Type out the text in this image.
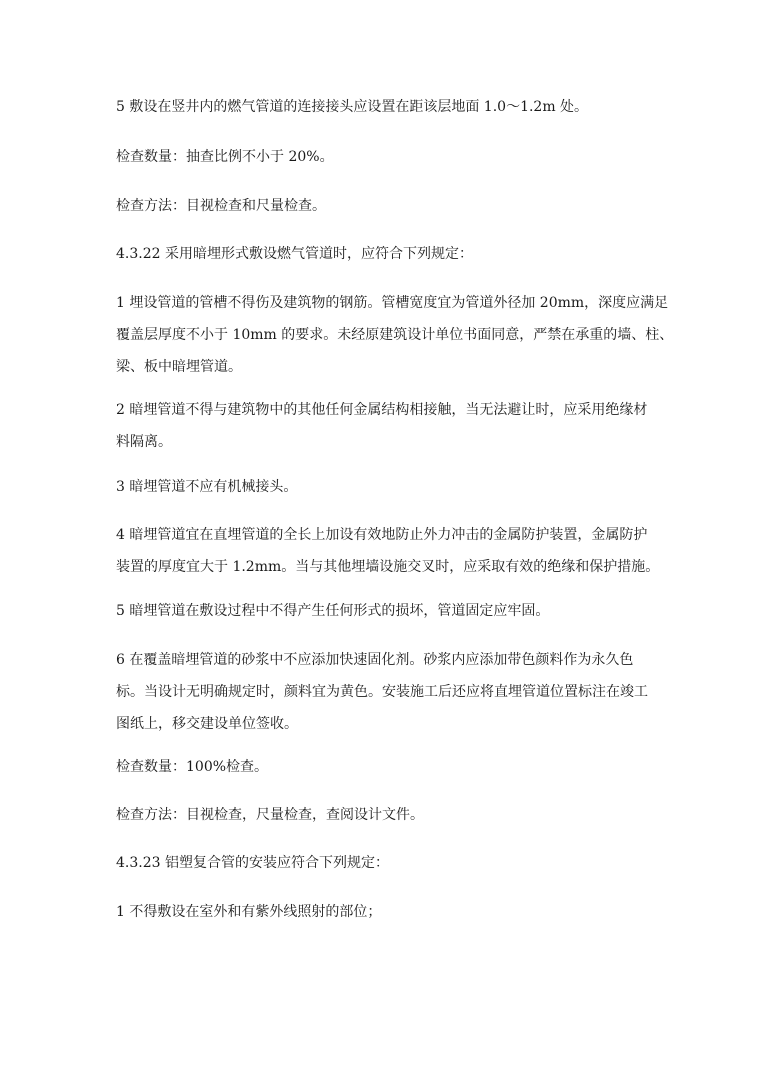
5 敷设在竖井内的燃气管道的连接接头应设置在距该层地面 1.0～1.2m 处。

检查数量：抽查比例不小于 20%。

检查方法：目视检查和尺量检查。

4.3.22 采用暗埋形式敷设燃气管道时，应符合下列规定：

1 埋设管道的管槽不得伤及建筑物的钢筋。管槽宽度宜为管道外径加 20mm，深度应满足
覆盖层厚度不小于 10mm 的要求。未经原建筑设计单位书面同意，严禁在承重的墙、柱、
梁、板中暗埋管道。

2 暗埋管道不得与建筑物中的其他任何金属结构相接触，当无法避让时，应采用绝缘材
料隔离。

3 暗埋管道不应有机械接头。

4 暗埋管道宜在直埋管道的全长上加设有效地防止外力冲击的金属防护装置，金属防护
装置的厚度宜大于 1.2mm。当与其他埋墙设施交叉时，应采取有效的绝缘和保护措施。

5 暗埋管道在敷设过程中不得产生任何形式的损坏，管道固定应牢固。

6 在覆盖暗埋管道的砂浆中不应添加快速固化剂。砂浆内应添加带色颜料作为永久色
标。当设计无明确规定时，颜料宜为黄色。安装施工后还应将直埋管道位置标注在竣工
图纸上，移交建设单位签收。

检查数量：100%检查。

检查方法：目视检查，尺量检查，查阅设计文件。

4.3.23 铝塑复合管的安装应符合下列规定：

1 不得敷设在室外和有紫外线照射的部位；
